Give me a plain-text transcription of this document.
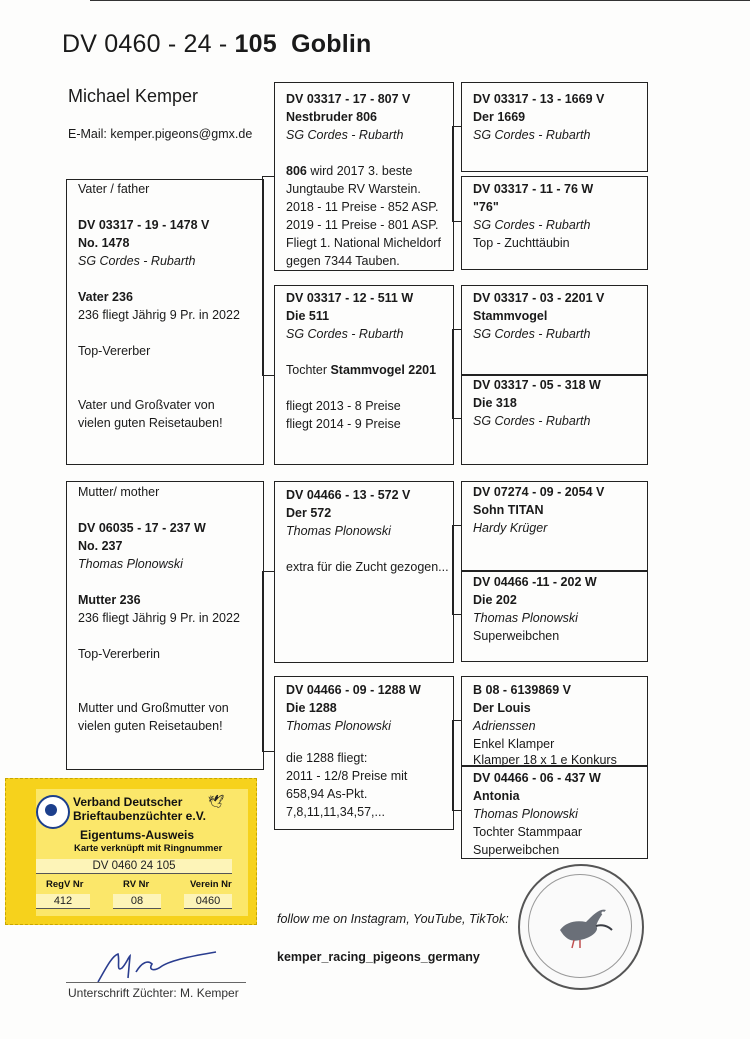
DV 0460 - 24 - 105 Goblin
Michael Kemper
E-Mail: kemper.pigeons@gmx.de
Vater / father
DV 03317 - 19 - 1478 V
No. 1478
SG Cordes - Rubarth
Vater 236
236 fliegt Jährig 9 Pr. in 2022
Top-Vererber
Vater und Großvater von
vielen guten Reisetauben!
Mutter/ mother
DV 06035 - 17 - 237 W
No. 237
Thomas Plonowski
Mutter 236
236 fliegt Jährig 9 Pr. in 2022
Top-Vererberin
Mutter und Großmutter von
vielen guten Reisetauben!
DV 03317 - 17 - 807 V
Nestbruder 806
SG Cordes - Rubarth
806 wird 2017 3. beste
Jungtaube RV Warstein.
2018 - 11 Preise - 852 ASP.
2019 - 11 Preise - 801 ASP.
Fliegt 1. National Micheldorf
gegen 7344 Tauben.
DV 03317 - 12 - 511 W
Die 511
SG Cordes - Rubarth
Tochter Stammvogel 2201
fliegt 2013 - 8 Preise
fliegt 2014 - 9 Preise
DV 04466 - 13 - 572 V
Der 572
Thomas Plonowski
extra für die Zucht gezogen...
DV 04466 - 09 - 1288 W
Die 1288
Thomas Plonowski
die 1288 fliegt:
2011 - 12/8 Preise mit
658,94 As-Pkt.
7,8,11,11,34,57,...
DV 03317 - 13 - 1669 V
Der 1669
SG Cordes - Rubarth
DV 03317 - 11 - 76 W
"76"
SG Cordes - Rubarth
Top - Zuchttäubin
DV 03317 - 03 - 2201 V
Stammvogel
SG Cordes - Rubarth
DV 03317 - 05 - 318 W
Die 318
SG Cordes - Rubarth
DV 07274 - 09 - 2054 V
Sohn TITAN
Hardy Krüger
DV 04466 -11 - 202 W
Die 202
Thomas Plonowski
Superweibchen
B 08 - 6139869 V
Der Louis
Adrienssen
Enkel Klamper
Klamper 18 x 1 e Konkurs
DV 04466 - 06 - 437 W
Antonia
Thomas Plonowski
Tochter Stammpaar
Superweibchen
🕊
Verband Deutscher
Brieftaubenzüchter e.V.
Eigentums-Ausweis
Karte verknüpft mit Ringnummer
DV 0460 24 105
RegV Nr	RV Nr	Verein Nr
412	08	0460
Unterschrift Züchter: M. Kemper
follow me on Instagram, YouTube, TikTok:
kemper_racing_pigeons_germany
